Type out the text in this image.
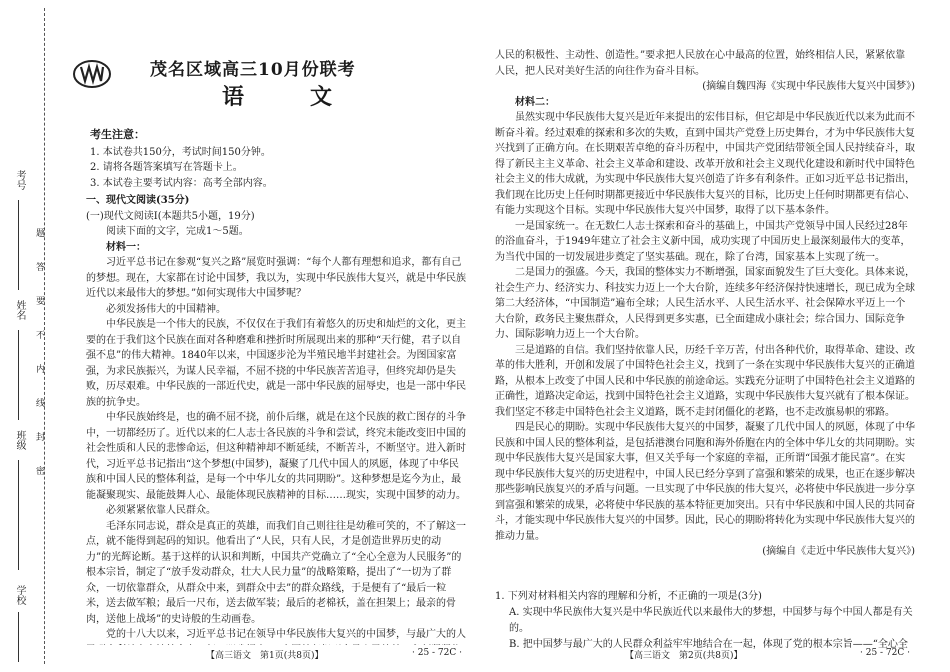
考号
姓名
班级
学校
题
答
要
不
内
线
封
密
茂名区域高三10月份联考
语　文
考生注意：

1. 本试卷共150分，考试时间150分钟。

2. 请将各题答案填写在答题卡上。

3. 本试卷主要考试内容：高考全部内容。

一、现代文阅读(35分)

(一)现代文阅读Ⅰ(本题共5小题，19分)

阅读下面的文字，完成1～5题。

材料一：

习近平总书记在参观“复兴之路”展览时强调：“每个人都有理想和追求，都有自己的梦想。现在，大家都在讨论中国梦，我以为，实现中华民族伟大复兴，就是中华民族近代以来最伟大的梦想。”如何实现伟大中国梦呢？

必须发扬伟大的中国精神。

中华民族是一个伟大的民族，不仅仅在于我们有着悠久的历史和灿烂的文化，更主要的在于我们这个民族在面对各种磨难和挫折时所展现出来的那种“天行健，君子以自强不息”的伟大精神。1840年以来，中国逐步沦为半殖民地半封建社会。为图国家富强，为求民族振兴，为谋人民幸福，不屈不挠的中华民族苦苦追寻，但终究却仍是失败，历尽艰难。中华民族的一部近代史，就是一部中华民族的屈辱史，也是一部中华民族的抗争史。

中华民族始终是，也的确不屈不挠，前仆后继，就是在这个民族的救亡图存的斗争中，一切都经历了。近代以来的仁人志士各民族的斗争和尝试，终究未能改变旧中国的社会性质和人民的悲惨命运，但这种精神却不断延续，不断苦斗，不断坚守。进入新时代，习近平总书记指出“这个梦想(中国梦)，凝聚了几代中国人的夙愿，体现了中华民族和中国人民的整体利益，是每一个中华儿女的共同期盼”。这种梦想是迄今为止，最能凝聚现实、最能鼓舞人心、最能体现民族精神的目标……现实，实现中国梦的动力。

必须紧紧依靠人民群众。

毛泽东同志说，群众是真正的英雄，而我们自己则往往是幼稚可笑的，不了解这一点，就不能得到起码的知识。他看出了“人民，只有人民，才是创造世界历史的动力”的光辉论断。基于这样的认识和判断，中国共产党确立了“全心全意为人民服务”的根本宗旨，制定了“放手发动群众，壮大人民力量”的战略策略，提出了“一切为了群众，一切依靠群众，从群众中来，到群众中去”的群众路线，于是便有了“最后一粒米，送去做军粮；最后一尺布，送去做军装；最后的老棉袄，盖在担架上；最亲的骨肉，送他上战场”的史诗般的生动画卷。

党的十八大以来，习近平总书记在领导中华民族伟大复兴的中国梦，与最广大的人

人民的积极性、主动性、创造性。”要求把人民放在心中最高的位置，始终相信人民，紧紧依靠人民，把人民对美好生活的向往作为奋斗目标。

(摘编自魏四海《实现中华民族伟大复兴中国梦》)

材料二：

虽然实现中华民族伟大复兴是近年来提出的宏伟目标，但它却是中华民族近代以来为此而不断奋斗着。经过艰难的探索和多次的失败，直到中国共产党登上历史舞台，才为中华民族伟大复兴找到了正确方向。在长期艰苦卓绝的奋斗历程中，中国共产党团结带领全国人民持续奋斗，取得了新民主主义革命、社会主义革命和建设、改革开放和社会主义现代化建设和新时代中国特色社会主义的伟大成就，为实现中华民族伟大复兴创造了许多有利条件。正如习近平总书记指出，我们现在比历史上任何时期都更接近中华民族伟大复兴的目标，比历史上任何时期都更有信心、有能力实现这个目标。实现中华民族伟大复兴中国梦，取得了以下基本条件。

一是国家统一。在无数仁人志士探索和奋斗的基础上，中国共产党领导中国人民经过28年的浴血奋斗，于1949年建立了社会主义新中国，成功实现了中国历史上最深刻最伟大的变革，为当代中国的一切发展进步奠定了坚实基础。现在，除了台湾，国家基本上实现了统一。

二是国力的强盛。今天，我国的整体实力不断增强，国家面貌发生了巨大变化。具体来说，社会生产力、经济实力、科技实力迈上一个大台阶，连续多年经济保持快速增长，现已成为全球第二大经济体，“中国制造”遍布全球；人民生活水平、人民生活水平、社会保障水平迈上一个大台阶，政务民主聚焦群众，人民得到更多实惠，已全面建成小康社会；综合国力、国际竞争力、国际影响力迈上一个大台阶。

三是道路的自信。我们坚持依靠人民，历经千辛万苦，付出各种代价，取得革命、建设、改革的伟大胜利，开创和发展了中国特色社会主义，找到了一条在实现中华民族伟大复兴的正确道路，从根本上改变了中国人民和中华民族的前途命运。实践充分证明了中国特色社会主义道路的正确性，道路决定命运，找到中国特色社会主义道路，实现中华民族伟大复兴就有了根本保证。我们坚定不移走中国特色社会主义道路，既不走封闭僵化的老路，也不走改旗易帜的邪路。

四是民心的期盼。实现中华民族伟大复兴的中国梦，凝聚了几代中国人的夙愿，体现了中华民族和中国人民的整体利益，是包括港澳台同胞和海外侨胞在内的全体中华儿女的共同期盼。实现中华民族伟大复兴是国家大事，但又关乎每一个家庭的幸福，正所谓“国强才能民富”。在实现中华民族伟大复兴的历史进程中，中国人民已经分享到了富强和繁荣的成果，也正在逐步解决那些影响民族复兴的矛盾与问题。一旦实现了中华民族的伟大复兴，必将使中华民族进一步分享到富强和繁荣的成果，必将使中华民族的基本特征更加突出。只有中华民族和中国人民的共同奋斗，才能实现中华民族伟大复兴的中国梦。因此，民心的期盼将转化为实现中华民族伟大复兴的推动力量。

(摘编自《走近中华民族伟大复兴》)

1. 下列对材料相关内容的理解和分析，不正确的一项是(3分)

A. 实现中华民族伟大复兴是中华民族近代以来最伟大的梦想，中国梦与每个中国人都是有关的。

B. 把中国梦与最广大的人民群众利益牢牢地结合在一起，体现了党的根本宗旨——“全心全

【高三语文　第1页(共8页)】	· 25 - 72C ·	【高三语文　第2页(共8页)】	· 25 - 72C ·
